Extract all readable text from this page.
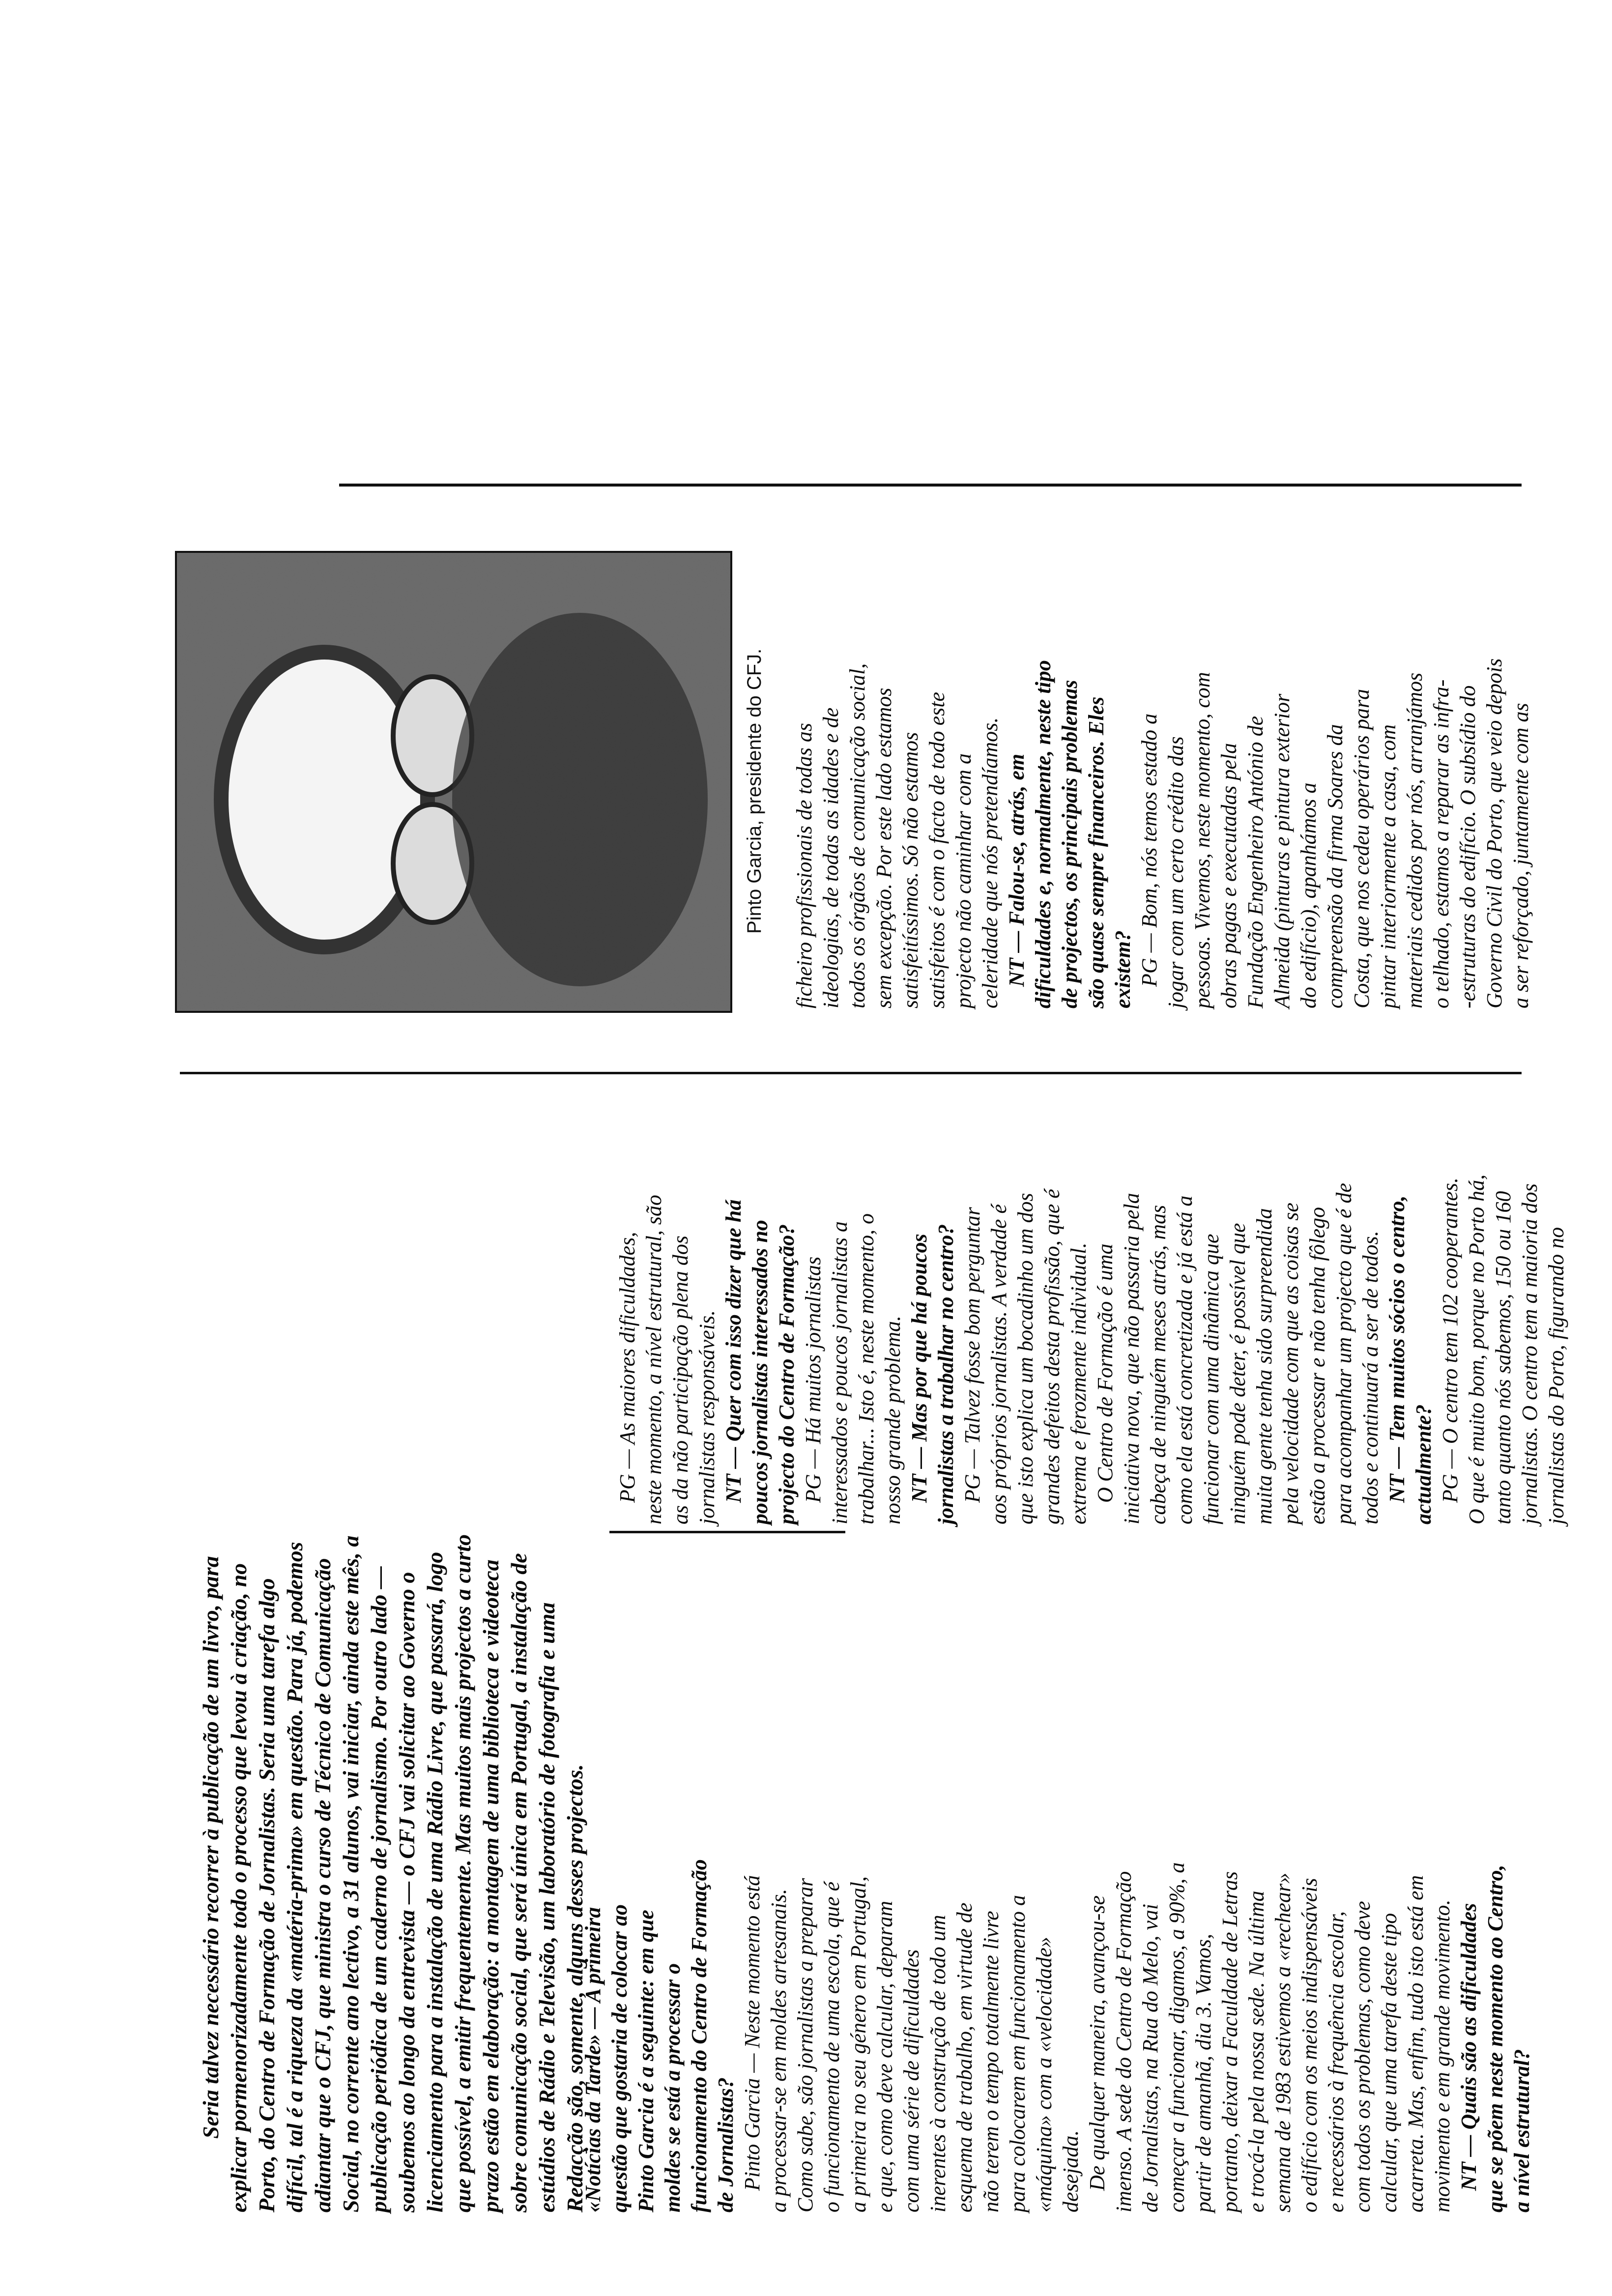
Seria talvez necessário recorrer à publicação de um livro, para explicar pormenorizadamente todo o processo que levou à criação, no Porto, do Centro de Formação de Jornalistas. Seria uma tarefa algo difícil, tal é a riqueza da «matéria-prima» em questão. Para já, podemos adiantar que o CFJ, que ministra o curso de Técnico de Comunicação Social, no corrente ano lectivo, a 31 alunos, vai iniciar, ainda este mês, a publicação periódica de um caderno de jornalismo. Por outro lado — soubemos ao longo da entrevista — o CFJ vai solicitar ao Governo o licenciamento para a instalação de uma Rádio Livre, que passará, logo que possível, a emitir frequentemente. Mas muitos mais projectos a curto prazo estão em elaboração: a montagem de uma biblioteca e videoteca sobre comunicação social, que será única em Portugal, a instalação de estúdios de Rádio e Televisão, um laboratório de fotografia e uma Redacção são, somente, alguns desses projectos.
«Notícias da Tarde» — A primeira questão que gostaria de colocar ao Pinto Garcia é a seguinte: em que moldes se está a processar o funcionamento do Centro de Formação de Jornalistas? Pinto Garcia — Neste momento está a processar-se em moldes artesanais. Como sabe, são jornalistas a preparar o funcionamento de uma escola, que é a primeira no seu género em Portugal, e que, como deve calcular, deparam com uma série de dificuldades inerentes à construção de todo um esquema de trabalho, em virtude de não terem o tempo totalmente livre para colocarem em funcionamento a «máquina» com a «velocidade» desejada. De qualquer maneira, avançou-se imenso. A sede do Centro de Formação de Jornalistas, na Rua do Melo, vai começar a funcionar, digamos, a 90%, a partir de amanhã, dia 3. Vamos, portanto, deixar a Faculdade de Letras e trocá-la pela nossa sede. Na última semana de 1983 estivemos a «rechear» o edifício com os meios indispensáveis e necessários à frequência escolar, com todos os problemas, como deve calcular, que uma tarefa deste tipo acarreta. Mas, enfim, tudo isto está em movimento e em grande movimento. NT — Quais são as dificuldades que se põem neste momento ao Centro, a nível estrutural?
PG — As maiores dificuldades, neste momento, a nível estrutural, são as da não participação plena dos jornalistas responsáveis. NT — Quer com isso dizer que há poucos jornalistas interessados no projecto do Centro de Formação? PG — Há muitos jornalistas interessados e poucos jornalistas a trabalhar... Isto é, neste momento, o nosso grande problema. NT — Mas por que há poucos jornalistas a trabalhar no centro? PG — Talvez fosse bom perguntar aos próprios jornalistas. A verdade é que isto explica um bocadinho um dos grandes defeitos desta profissão, que é extrema e ferozmente individual. O Centro de Formação é uma iniciativa nova, que não passaria pela cabeça de ninguém meses atrás, mas como ela está concretizada e já está a funcionar com uma dinâmica que ninguém pode deter, é possível que muita gente tenha sido surpreendida pela velocidade com que as coisas se estão a processar e não tenha fôlego para acompanhar um projecto que é de todos e continuará a ser de todos. NT — Tem muitos sócios o centro, actualmente? PG — O centro tem 102 cooperantes. O que é muito bom, porque no Porto há, tanto quanto nós sabemos, 150 ou 160 jornalistas. O centro tem a maioria dos jornalistas do Porto, figurando no
ficheiro profissionais de todas as ideologias, de todas as idades e de todos os órgãos de comunicação social, sem excepção. Por este lado estamos satisfeitíssimos. Só não estamos satisfeitos é com o facto de todo este projecto não caminhar com a celeridade que nós pretendíamos. NT — Falou-se, atrás, em dificuldades e, normalmente, neste tipo de projectos, os principais problemas são quase sempre financeiros. Eles existem? PG — Bom, nós temos estado a jogar com um certo crédito das pessoas. Vivemos, neste momento, com obras pagas e executadas pela Fundação Engenheiro António de Almeida (pinturas e pintura exterior do edifício), apanhámos a compreensão da firma Soares da Costa, que nos cedeu operários para pintar interiormente a casa, com materiais cedidos por nós, arranjámos o telhado, estamos a reparar as infra- -estruturas do edifício. O subsídio do Governo Civil do Porto, que veio depois a ser reforçado, juntamente com as
Pinto Garcia, presidente do CFJ.
